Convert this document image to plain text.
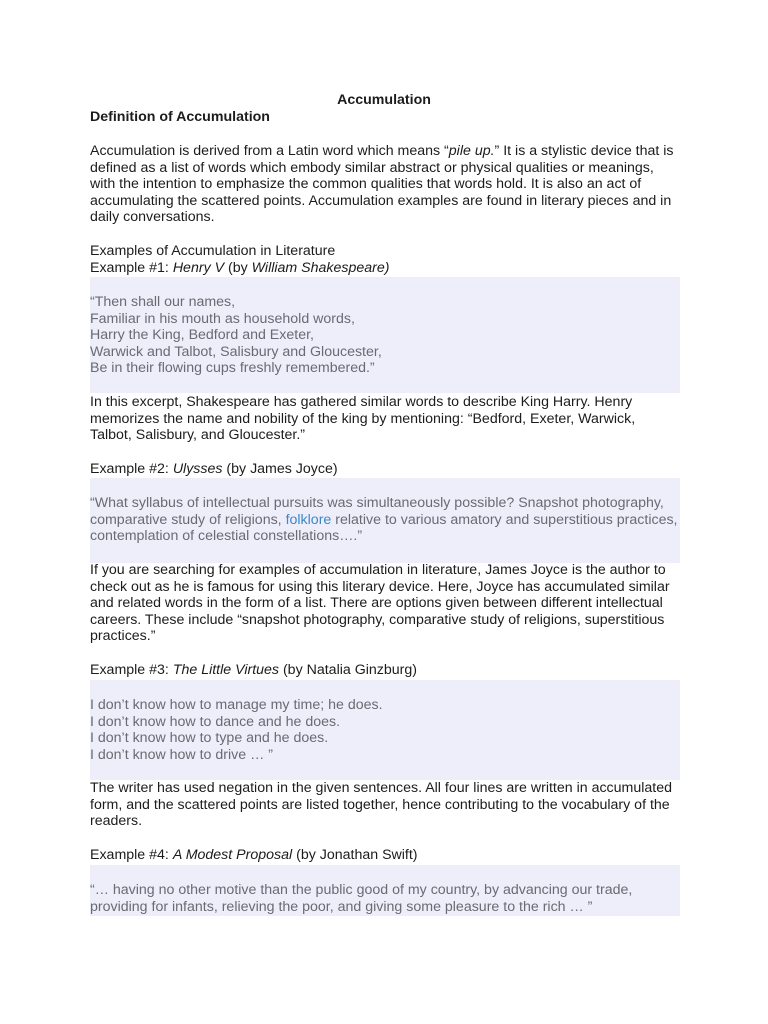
Accumulation
Definition of Accumulation

Accumulation is derived from a Latin word which means “pile up.” It is a stylistic device that is defined as a list of words which embody similar abstract or physical qualities or meanings, with the intention to emphasize the common qualities that words hold. It is also an act of accumulating the scattered points. Accumulation examples are found in literary pieces and in daily conversations.

Examples of Accumulation in Literature
Example #1: Henry V (by William Shakespeare)
“Then shall our names,
Familiar in his mouth as household words,
Harry the King, Bedford and Exeter,
Warwick and Talbot, Salisbury and Gloucester,
Be in their flowing cups freshly remembered.”

In this excerpt, Shakespeare has gathered similar words to describe King Harry. Henry memorizes the name and nobility of the king by mentioning: “Bedford, Exeter, Warwick, Talbot, Salisbury, and Gloucester.”

Example #2: Ulysses (by James Joyce)
“What syllabus of intellectual pursuits was simultaneously possible? Snapshot photography, comparative study of religions, folklore relative to various amatory and superstitious practices, contemplation of celestial constellations….”

If you are searching for examples of accumulation in literature, James Joyce is the author to check out as he is famous for using this literary device. Here, Joyce has accumulated similar and related words in the form of a list. There are options given between different intellectual careers. These include “snapshot photography, comparative study of religions, superstitious practices.”

Example #3: The Little Virtues (by Natalia Ginzburg)
I don’t know how to manage my time; he does.
I don’t know how to dance and he does.
I don’t know how to type and he does.
I don’t know how to drive … ”

The writer has used negation in the given sentences. All four lines are written in accumulated form, and the scattered points are listed together, hence contributing to the vocabulary of the readers.

Example #4: A Modest Proposal (by Jonathan Swift)
“… having no other motive than the public good of my country, by advancing our trade, providing for infants, relieving the poor, and giving some pleasure to the rich … ”
